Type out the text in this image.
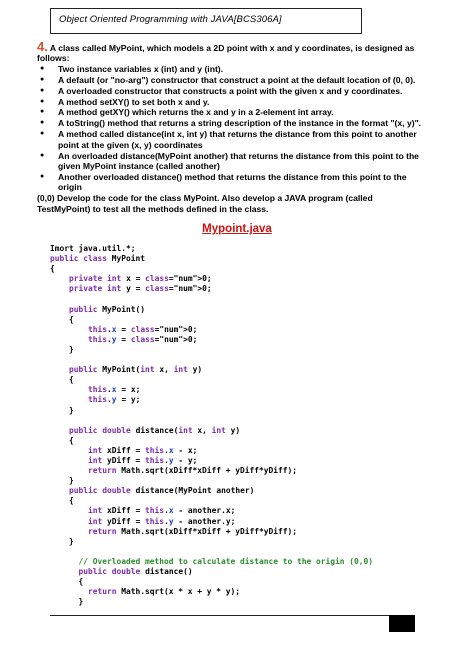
Object Oriented Programming with JAVA[BCS306A]

4. A class called MyPoint, which models a 2D point with x and y coordinates, is designed as follows:

● Two instance variables x (int) and y (int).
● A default (or "no-arg") constructor that construct a point at the default location of (0, 0).
● A overloaded constructor that constructs a point with the given x and y coordinates.
● A method setXY() to set both x and y.
● A method getXY() which returns the x and y in a 2-element int array.
● A toString() method that returns a string description of the instance in the format "(x, y)".
● A method called distance(int x, int y) that returns the distance from this point to another point at the given (x, y) coordinates
● An overloaded distance(MyPoint another) that returns the distance from this point to the given MyPoint instance (called another)
● Another overloaded distance() method that returns the distance from this point to the origin

(0,0) Develop the code for the class MyPoint. Also develop a JAVA program (called TestMyPoint) to test all the methods defined in the class.

Mypoint.java
Imort java.util.*;
public class MyPoint
{
private int x = class="num">0;
private int y = class="num">0;
public MyPoint()
{
this.x = class="num">0;
this.y = class="num">0;
}
public MyPoint(int x, int y)
{
this.x = x;
this.y = y;
}
public double distance(int x, int y)
{
int xDiff = this.x - x;
int yDiff = this.y - y;
return Math.sqrt(xDiff*xDiff + yDiff*yDiff);
}
public double distance(MyPoint another)
{
int xDiff = this.x - another.x;
int yDiff = this.y - another.y;
return Math.sqrt(xDiff*xDiff + yDiff*yDiff);
}
// Overloaded method to calculate distance to the origin (0,0)
public double distance()
{
return Math.sqrt(x * x + y * y);
}
